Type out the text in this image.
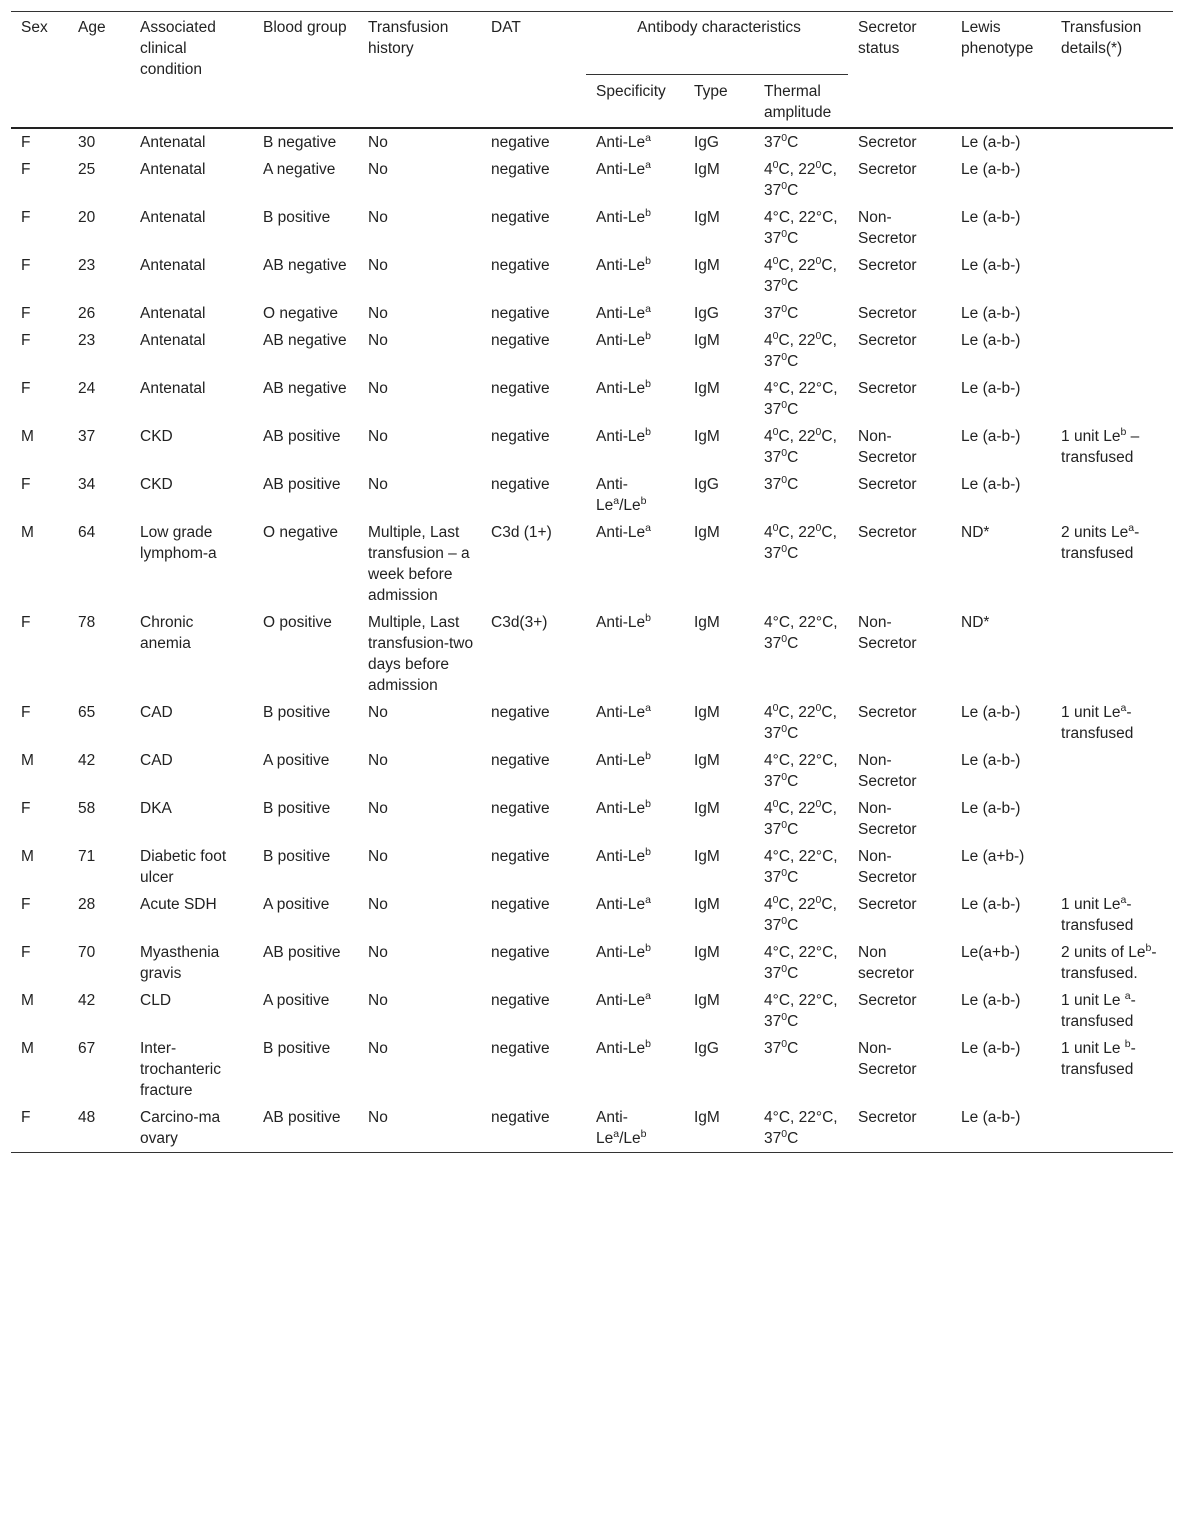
Sex	Age	Associated clinical condition	Blood group	Transfusion history	DAT	Antibody characteristics			Secretor status	Lewis phenotype	Transfusion details(*)
						Specificity	Type	Thermal amplitude			
F	30	Antenatal	B negative	No	negative	Anti-Le$^a$	IgG	$37^0C$	Secretor	Le (a-b-)	
F	25	Antenatal	A negative	No	negative	Anti-Le$^a$	IgM	$4^0C$, $22^0C$, $37^0C$	Secretor	Le (a-b-)	
F	20	Antenatal	B positive	No	negative	Anti-Le$^b$	IgM	4°C, 22°C, $37^0C$	Non-Secretor	Le (a-b-)	
F	23	Antenatal	AB negative	No	negative	Anti-Le$^b$	IgM	$4^0C$, $22^0C$, $37^0C$	Secretor	Le (a-b-)	
F	26	Antenatal	O negative	No	negative	Anti-Le$^a$	IgG	$37^0C$	Secretor	Le (a-b-)	
F	23	Antenatal	AB negative	No	negative	Anti-Le$^b$	IgM	$4^0C$, $22^0C$, $37^0C$	Secretor	Le (a-b-)	
F	24	Antenatal	AB negative	No	negative	Anti-Le$^b$	IgM	4°C, 22°C, $37^0C$	Secretor	Le (a-b-)	
M	37	CKD	AB positive	No	negative	Anti-Le$^b$	IgM	$4^0C$, $22^0C$, $37^0C$	Non-Secretor	Le (a-b-)	1 unit Le$^b$ – transfused
F	34	CKD	AB positive	No	negative	Anti-Le$^a$/Le$^b$	IgG	$37^0C$	Secretor	Le (a-b-)	
M	64	Low grade lymphom-a	O negative	Multiple, Last transfusion – a week before admission	C3d (1+)	Anti-Le$^a$	IgM	$4^0C$, $22^0C$, $37^0C$	Secretor	ND*	2 units Le$^a$-transfused
F	78	Chronic anemia	O positive	Multiple, Last transfusion-two days before admission	C3d(3+)	Anti-Le$^b$	IgM	4°C, 22°C, $37^0C$	Non-Secretor	ND*	
F	65	CAD	B positive	No	negative	Anti-Le$^a$	IgM	$4^0C$, $22^0C$, $37^0C$	Secretor	Le (a-b-)	1 unit Le$^a$-transfused
M	42	CAD	A positive	No	negative	Anti-Le$^b$	IgM	4°C, 22°C, $37^0C$	Non-Secretor	Le (a-b-)	
F	58	DKA	B positive	No	negative	Anti-Le$^b$	IgM	$4^0C$, $22^0C$, $37^0C$	Non-Secretor	Le (a-b-)	
M	71	Diabetic foot ulcer	B positive	No	negative	Anti-Le$^b$	IgM	4°C, 22°C, $37^0C$	Non-Secretor	Le (a+b-)	
F	28	Acute SDH	A positive	No	negative	Anti-Le$^a$	IgM	$4^0C$, $22^0C$, $37^0C$	Secretor	Le (a-b-)	1 unit Le$^a$-transfused
F	70	Myasthenia gravis	AB positive	No	negative	Anti-Le$^b$	IgM	4°C, 22°C, $37^0C$	Non secretor	Le(a+b-)	2 units of Le$^b$-transfused.
M	42	CLD	A positive	No	negative	Anti-Le$^a$	IgM	4°C, 22°C, $37^0C$	Secretor	Le (a-b-)	1 unit Le $^a$-transfused
M	67	Inter-trochanteric fracture	B positive	No	negative	Anti-Le$^b$	IgG	$37^0C$	Non-Secretor	Le (a-b-)	1 unit Le $^b$-transfused
F	48	Carcino-ma ovary	AB positive	No	negative	Anti-Le$^a$/Le$^b$	IgM	4°C, 22°C, $37^0C$	Secretor	Le (a-b-)	
